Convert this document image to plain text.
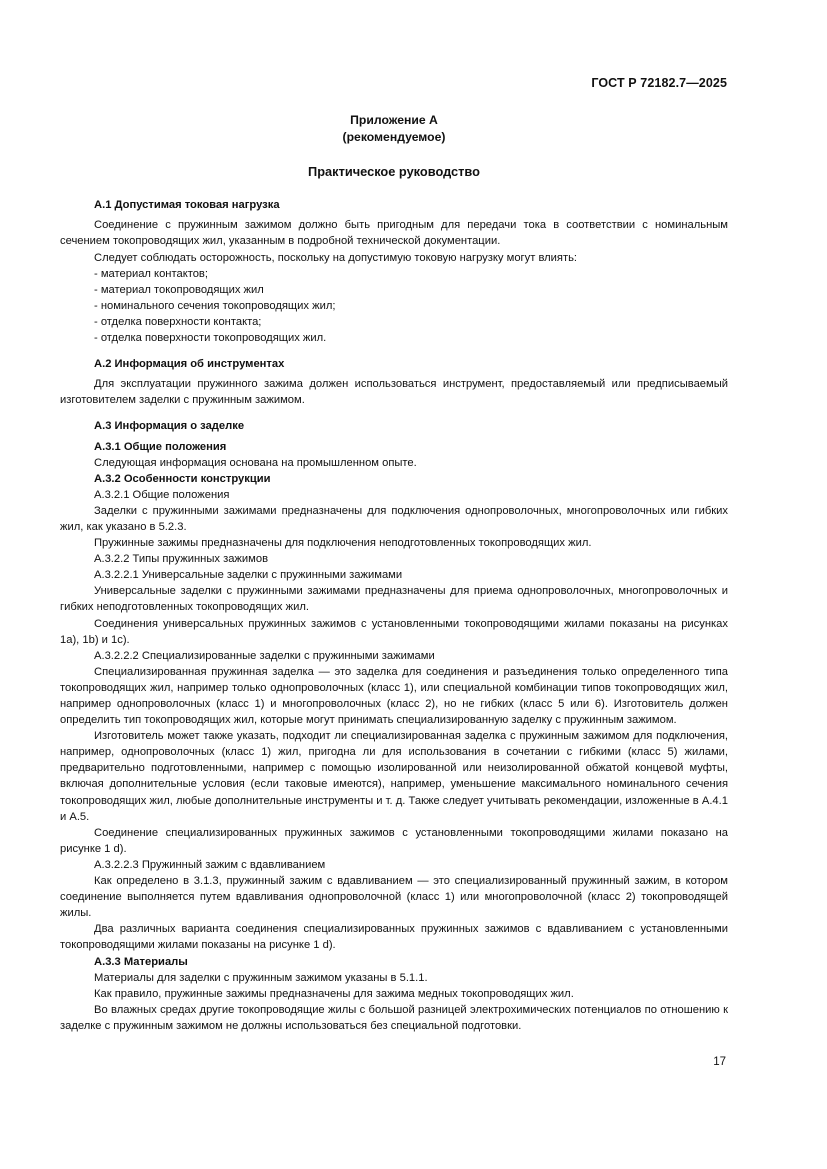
ГОСТ Р 72182.7—2025
Приложение А
(рекомендуемое)
Практическое руководство
А.1 Допустимая токовая нагрузка
Соединение с пружинным зажимом должно быть пригодным для передачи тока в соответствии с номинальным сечением токопроводящих жил, указанным в подробной технической документации.
Следует соблюдать осторожность, поскольку на допустимую токовую нагрузку могут влиять:
- материал контактов;
- материал токопроводящих жил
- номинального сечения токопроводящих жил;
- отделка поверхности контакта;
- отделка поверхности токопроводящих жил.
А.2 Информация об инструментах
Для эксплуатации пружинного зажима должен использоваться инструмент, предоставляемый или предписываемый изготовителем заделки с пружинным зажимом.
А.3 Информация о заделке
А.3.1 Общие положения
Следующая информация основана на промышленном опыте.
А.3.2 Особенности конструкции
А.3.2.1 Общие положения
Заделки с пружинными зажимами предназначены для подключения однопроволочных, многопроволочных или гибких жил, как указано в 5.2.3.
Пружинные зажимы предназначены для подключения неподготовленных токопроводящих жил.
А.3.2.2 Типы пружинных зажимов
А.3.2.2.1 Универсальные заделки с пружинными зажимами
Универсальные заделки с пружинными зажимами предназначены для приема однопроволочных, многопроволочных и гибких неподготовленных токопроводящих жил.
Соединения универсальных пружинных зажимов с установленными токопроводящими жилами показаны на рисунках 1а), 1b) и 1c).
А.3.2.2.2 Специализированные заделки с пружинными зажимами
Специализированная пружинная заделка — это заделка для соединения и разъединения только определенного типа токопроводящих жил, например только однопроволочных (класс 1), или специальной комбинации типов токопроводящих жил, например однопроволочных (класс 1) и многопроволочных (класс 2), но не гибких (класс 5 или 6). Изготовитель должен определить тип токопроводящих жил, которые могут принимать специализированную заделку с пружинным зажимом.
Изготовитель может также указать, подходит ли специализированная заделка с пружинным зажимом для подключения, например, однопроволочных (класс 1) жил, пригодна ли для использования в сочетании с гибкими (класс 5) жилами, предварительно подготовленными, например с помощью изолированной или неизолированной обжатой концевой муфты, включая дополнительные условия (если таковые имеются), например, уменьшение максимального номинального сечения токопроводящих жил, любые дополнительные инструменты и т. д. Также следует учитывать рекомендации, изложенные в А.4.1 и А.5.
Соединение специализированных пружинных зажимов с установленными токопроводящими жилами показано на рисунке 1 d).
А.3.2.2.3 Пружинный зажим с вдавливанием
Как определено в 3.1.3, пружинный зажим с вдавливанием — это специализированный пружинный зажим, в котором соединение выполняется путем вдавливания однопроволочной (класс 1) или многопроволочной (класс 2) токопроводящей жилы.
Два различных варианта соединения специализированных пружинных зажимов с вдавливанием с установленными токопроводящими жилами показаны на рисунке 1 d).
А.3.3 Материалы
Материалы для заделки с пружинным зажимом указаны в 5.1.1.
Как правило, пружинные зажимы предназначены для зажима медных токопроводящих жил.
Во влажных средах другие токопроводящие жилы с большой разницей электрохимических потенциалов по отношению к заделке с пружинным зажимом не должны использоваться без специальной подготовки.
17
